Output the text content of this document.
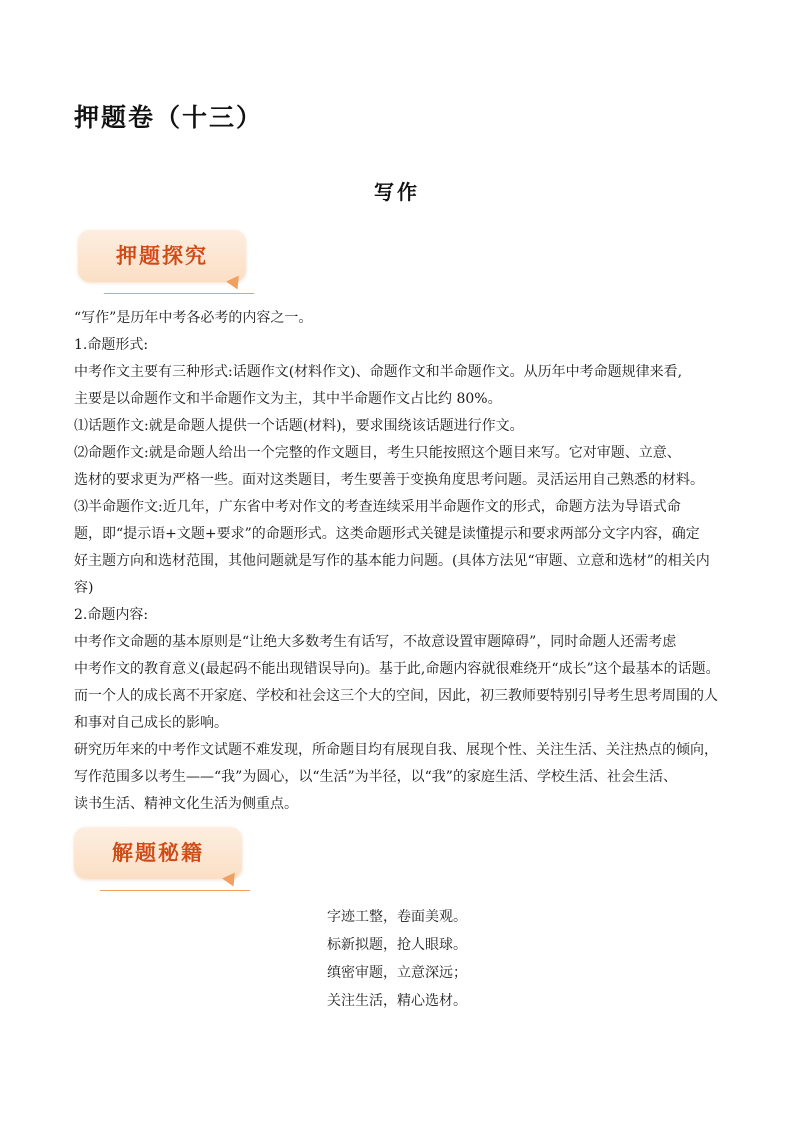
押题卷（十三）
写作
押题探究

“写作”是历年中考各必考的内容之一。

1.命题形式:

中考作文主要有三种形式:话题作文(材料作文)、命题作文和半命题作文。从历年中考命题规律来看,

主要是以命题作文和半命题作文为主，其中半命题作文占比约 80%。

⑴话题作文:就是命题人提供一个话题(材料)，要求围绕该话题进行作文。

⑵命题作文:就是命题人给出一个完整的作文题目，考生只能按照这个题目来写。它对审题、立意、

选材的要求更为严格一些。面对这类题目，考生要善于变换角度思考问题。灵活运用自己熟悉的材料。

⑶半命题作文:近几年，广东省中考对作文的考查连续采用半命题作文的形式，命题方法为导语式命

题，即“提示语+文题+要求”的命题形式。这类命题形式关键是读懂提示和要求两部分文字内容，确定

好主题方向和选材范围，其他问题就是写作的基本能力问题。(具体方法见“审题、立意和选材”的相关内

容)

2.命题内容:

中考作文命题的基本原则是“让绝大多数考生有话写，不故意设置审题障碍”，同时命题人还需考虑

中考作文的教育意义(最起码不能出现错误导向)。基于此,命题内容就很难绕开“成长”这个最基本的话题。

而一个人的成长离不开家庭、学校和社会这三个大的空间，因此，初三教师要特别引导考生思考周围的人

和事对自己成长的影响。

研究历年来的中考作文试题不难发现，所命题目均有展现自我、展现个性、关注生活、关注热点的倾向，

写作范围多以考生——“我”为圆心，以“生活”为半径，以“我”的家庭生活、学校生活、社会生活、

读书生活、精神文化生活为侧重点。

解题秘籍

字迹工整，卷面美观。

标新拟题，抢人眼球。

缜密审题，立意深远；

关注生活，精心选材。
